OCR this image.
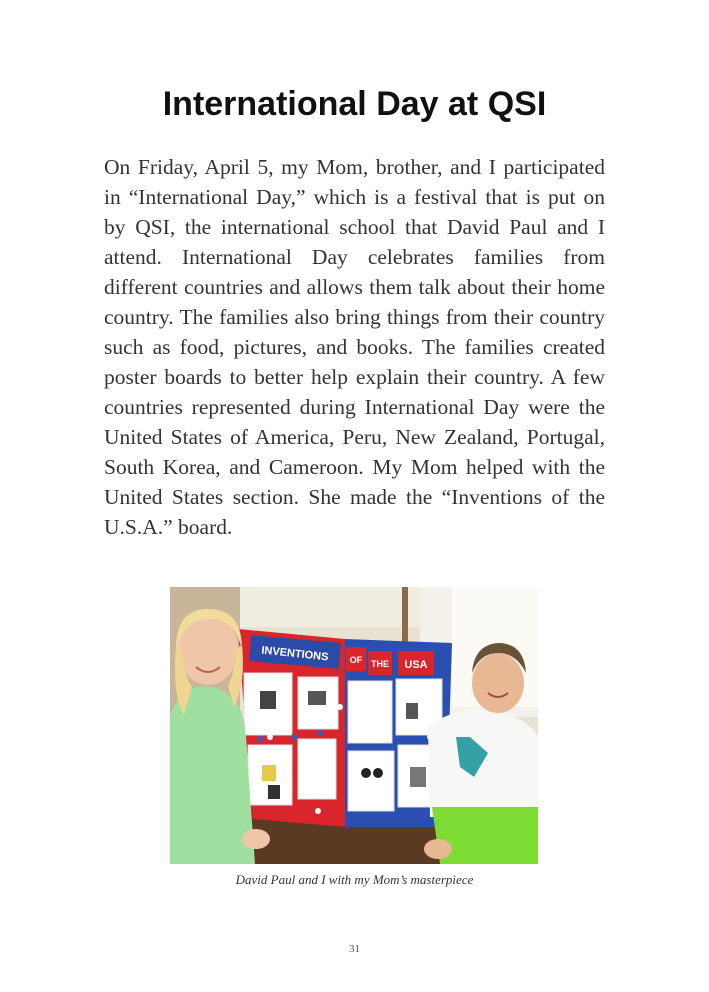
International Day at QSI

On Friday, April 5, my Mom, brother, and I participated in “International Day,” which is a festival that is put on by QSI, the international school that David Paul and I attend. International Day celebrates families from different countries and allows them talk about their home country. The families also bring things from their country such as food, pictures, and books. The families created poster boards to better help explain their country. A few countries represented during International Day were the United States of America, Peru, New Zealand, Portugal, South Korea, and Cameroon. My Mom helped with the United States section. She made the “Inventions of the U.S.A.” board.

INVENTIONS OF THE USA

David Paul and I with my Mom’s masterpiece

31
